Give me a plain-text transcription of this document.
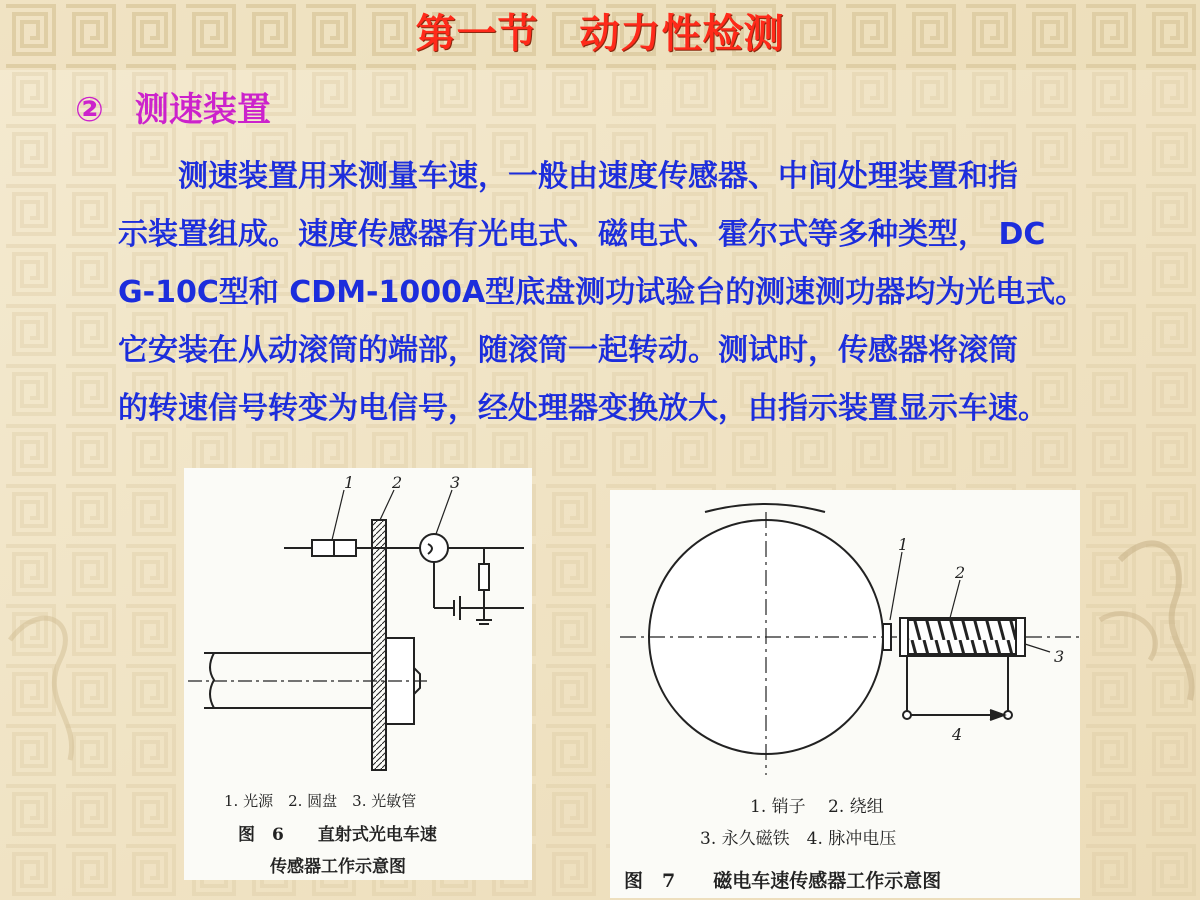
第一节　动力性检测
② 测速装置

　　测速装置用来测量车速，一般由速度传感器、中间处理装置和指

示装置组成。速度传感器有光电式、磁电式、霍尔式等多种类型， DC

G-10C型和 CDM-1000A型底盘测功试验台的测速测功器均为光电式。

它安装在从动滚筒的端部，随滚筒一起转动。测试时，传感器将滚筒

的转速信号转变为电信号，经处理器变换放大，由指示装置显示车速。

1 2	3
1. 光源　2. 圆盘　3. 光敏管
图　6　　直射式光电车速
传感器工作示意图
1
2
3
4
1. 销子　 2. 绕组
3. 永久磁铁　4. 脉冲电压
图　7　　磁电车速传感器工作示意图
